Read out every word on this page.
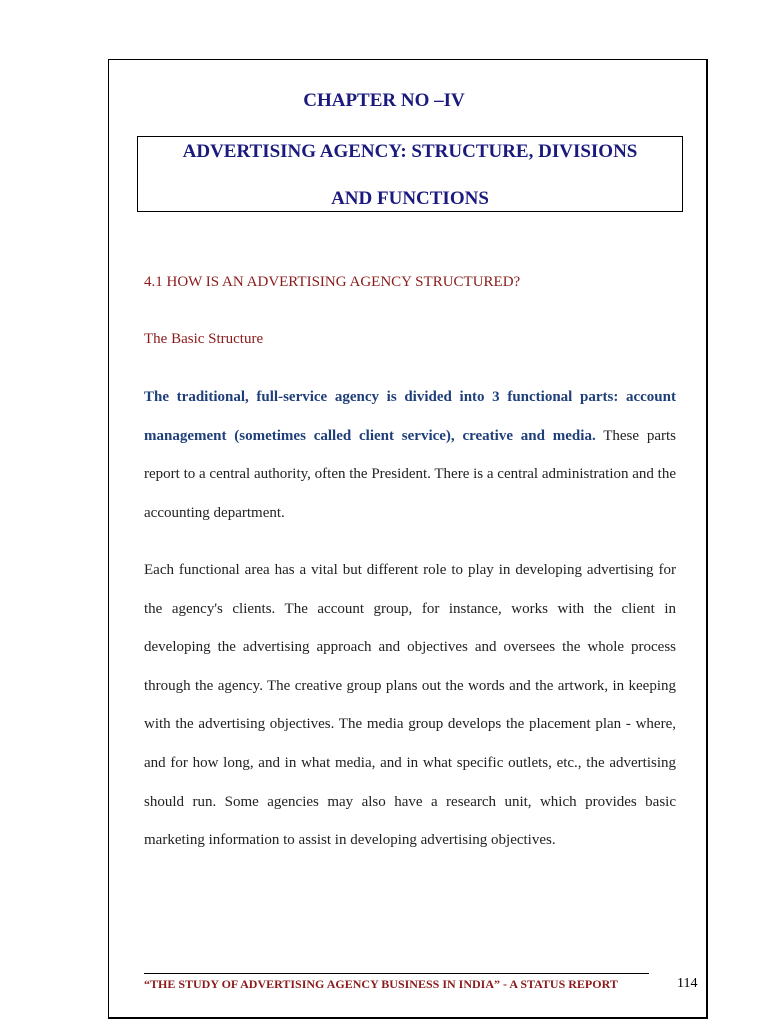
CHAPTER NO –IV
ADVERTISING AGENCY: STRUCTURE, DIVISIONS
AND FUNCTIONS
4.1 HOW IS AN ADVERTISING AGENCY STRUCTURED?
The Basic Structure

The traditional, full-service agency is divided into 3 functional parts: account management (sometimes called client service), creative and media. These parts report to a central authority, often the President. There is a central administration and the accounting department.

Each functional area has a vital but different role to play in developing advertising for the agency's clients. The account group, for instance, works with the client in developing the advertising approach and objectives and oversees the whole process through the agency. The creative group plans out the words and the artwork, in keeping with the advertising objectives. The media group develops the placement plan - where, and for how long, and in what media, and in what specific outlets, etc., the advertising should run. Some agencies may also have a research unit, which provides basic marketing information to assist in developing advertising objectives.

“THE STUDY OF ADVERTISING AGENCY BUSINESS IN INDIA” - A STATUS REPORT	114
